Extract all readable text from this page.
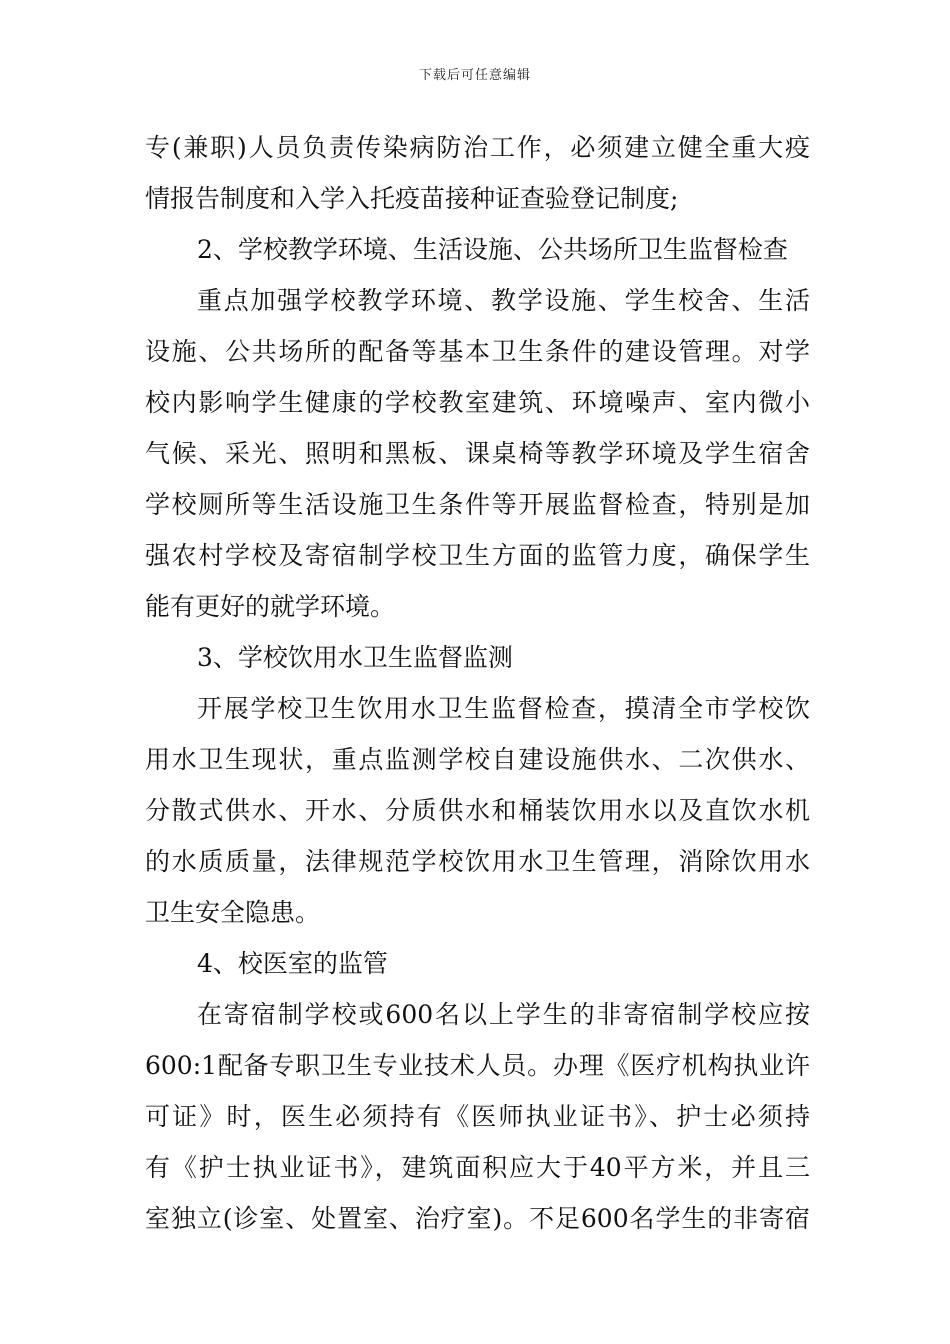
下载后可任意编辑
专(兼职)人员负责传染病防治工作，必须建立健全重大疫
情报告制度和入学入托疫苗接种证查验登记制度;
2、学校教学环境、生活设施、公共场所卫生监督检查
重点加强学校教学环境、教学设施、学生校舍、生活
设施、公共场所的配备等基本卫生条件的建设管理。对学
校内影响学生健康的学校教室建筑、环境噪声、室内微小
气候、采光、照明和黑板、课桌椅等教学环境及学生宿舍
学校厕所等生活设施卫生条件等开展监督检查，特别是加
强农村学校及寄宿制学校卫生方面的监管力度，确保学生
能有更好的就学环境。
3、学校饮用水卫生监督监测
开展学校卫生饮用水卫生监督检查，摸清全市学校饮
用水卫生现状，重点监测学校自建设施供水、二次供水、
分散式供水、开水、分质供水和桶装饮用水以及直饮水机
的水质质量，法律规范学校饮用水卫生管理，消除饮用水
卫生安全隐患。
4、校医室的监管
在寄宿制学校或600名以上学生的非寄宿制学校应按
600:1配备专职卫生专业技术人员。办理《医疗机构执业许
可证》时，医生必须持有《医师执业证书》、护士必须持
有《护士执业证书》，建筑面积应大于40平方米，并且三
室独立(诊室、处置室、治疗室)。不足600名学生的非寄宿
